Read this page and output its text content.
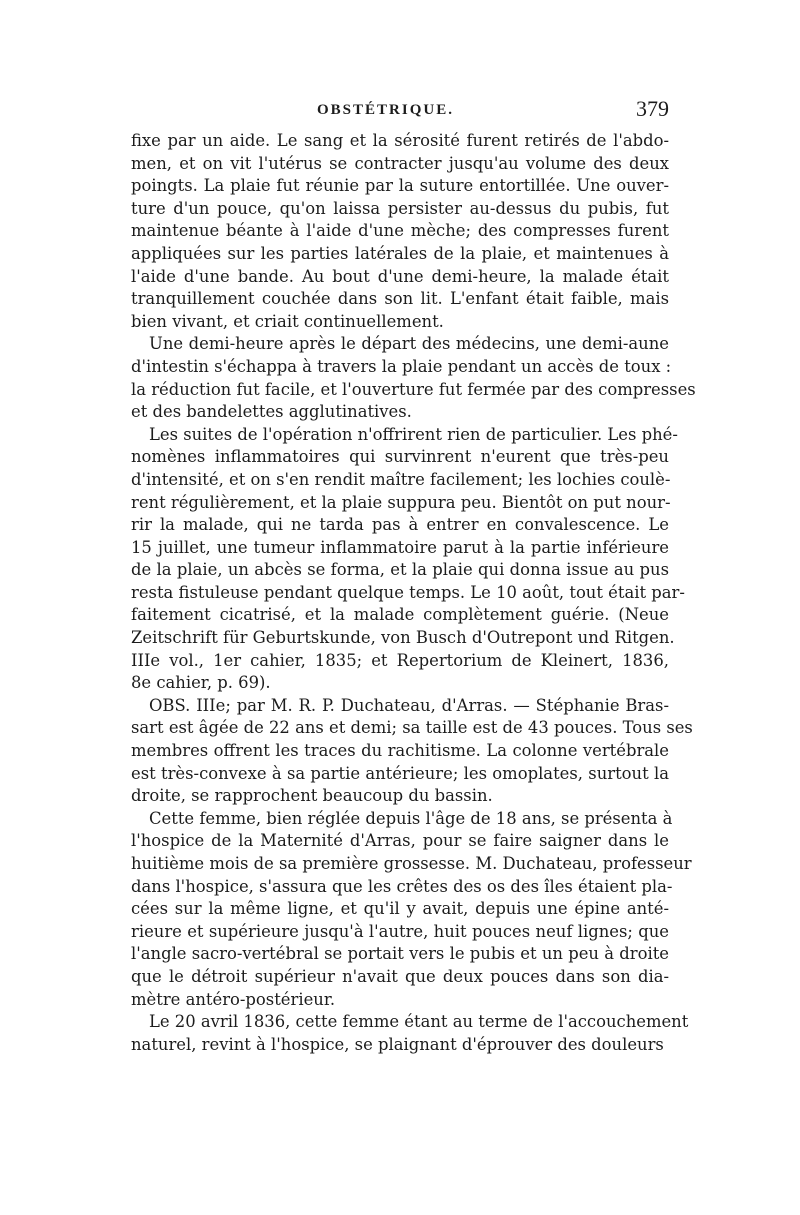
OBSTÉTRIQUE.	379
fixe par un aide. Le sang et la sérosité furent retirés de l'abdo-
men, et on vit l'utérus se contracter jusqu'au volume des deux
poingts. La plaie fut réunie par la suture entortillée. Une ouver-
ture d'un pouce, qu'on laissa persister au-dessus du pubis, fut
maintenue béante à l'aide d'une mèche; des compresses furent
appliquées sur les parties latérales de la plaie, et maintenues à
l'aide d'une bande. Au bout d'une demi-heure, la malade était
tranquillement couchée dans son lit. L'enfant était faible, mais
bien vivant, et criait continuellement.
Une demi-heure après le départ des médecins, une demi-aune
d'intestin s'échappa à travers la plaie pendant un accès de toux :
la réduction fut facile, et l'ouverture fut fermée par des compresses
et des bandelettes agglutinatives.
Les suites de l'opération n'offrirent rien de particulier. Les phé-
nomènes inflammatoires qui survinrent n'eurent que très-peu
d'intensité, et on s'en rendit maître facilement; les lochies coulè-
rent régulièrement, et la plaie suppura peu. Bientôt on put nour-
rir la malade, qui ne tarda pas à entrer en convalescence. Le
15 juillet, une tumeur inflammatoire parut à la partie inférieure
de la plaie, un abcès se forma, et la plaie qui donna issue au pus
resta fistuleuse pendant quelque temps. Le 10 août, tout était par-
faitement cicatrisé, et la malade complètement guérie. (Neue
Zeitschrift für Geburtskunde, von Busch d'Outrepont und Ritgen.
IIIe vol., 1er cahier, 1835; et Repertorium de Kleinert, 1836,
8e cahier, p. 69).
OBS. IIIe; par M. R. P. Duchateau, d'Arras. — Stéphanie Bras-
sart est âgée de 22 ans et demi; sa taille est de 43 pouces. Tous ses
membres offrent les traces du rachitisme. La colonne vertébrale
est très-convexe à sa partie antérieure; les omoplates, surtout la
droite, se rapprochent beaucoup du bassin.
Cette femme, bien réglée depuis l'âge de 18 ans, se présenta à
l'hospice de la Maternité d'Arras, pour se faire saigner dans le
huitième mois de sa première grossesse. M. Duchateau, professeur
dans l'hospice, s'assura que les crêtes des os des îles étaient pla-
cées sur la même ligne, et qu'il y avait, depuis une épine anté-
rieure et supérieure jusqu'à l'autre, huit pouces neuf lignes; que
l'angle sacro-vertébral se portait vers le pubis et un peu à droite
que le détroit supérieur n'avait que deux pouces dans son dia-
mètre antéro-postérieur.
Le 20 avril 1836, cette femme étant au terme de l'accouchement
naturel, revint à l'hospice, se plaignant d'éprouver des douleurs
